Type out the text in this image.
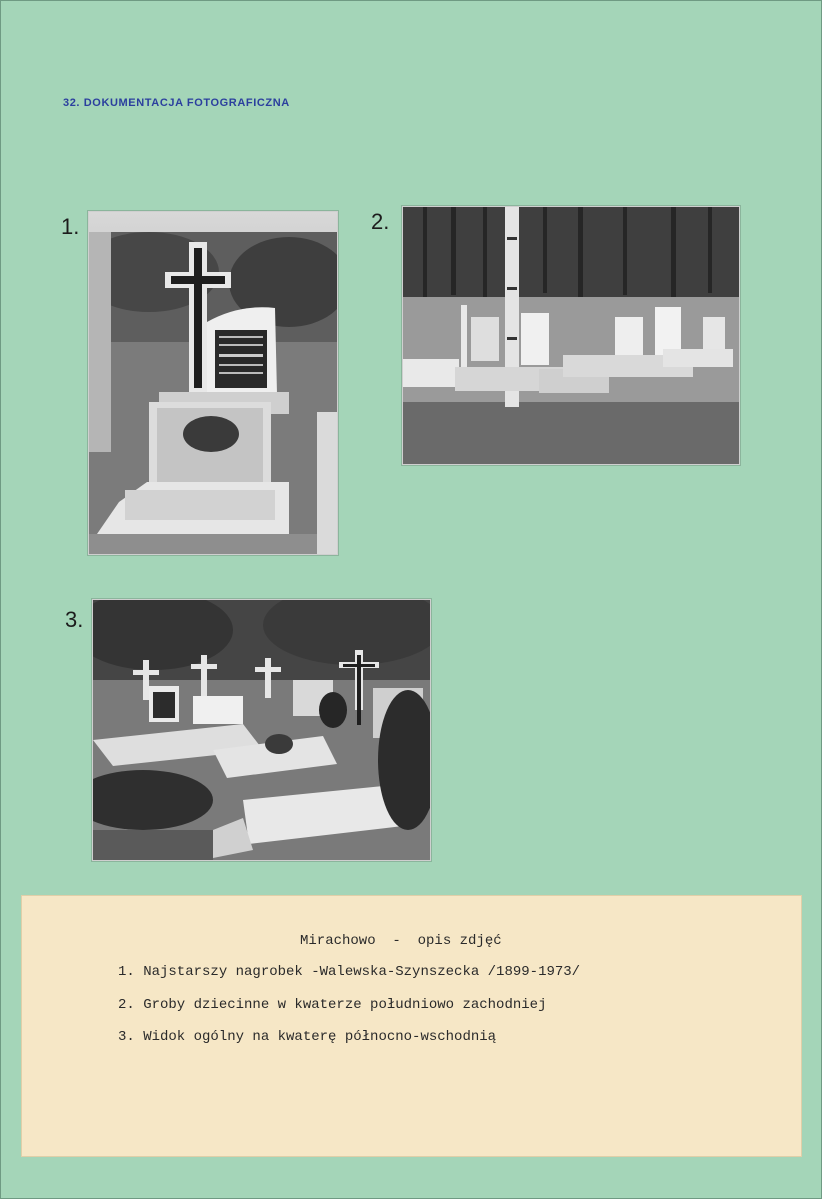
32. DOKUMENTACJA FOTOGRAFICZNA
1.	2.
3.
Mirachowo  -  opis zdjęć
1. Najstarszy nagrobek -Walewska-Szynszecka /1899-1973/
2. Groby dziecinne w kwaterze południowo zachodniej
3. Widok ogólny na kwaterę północno-wschodnią
